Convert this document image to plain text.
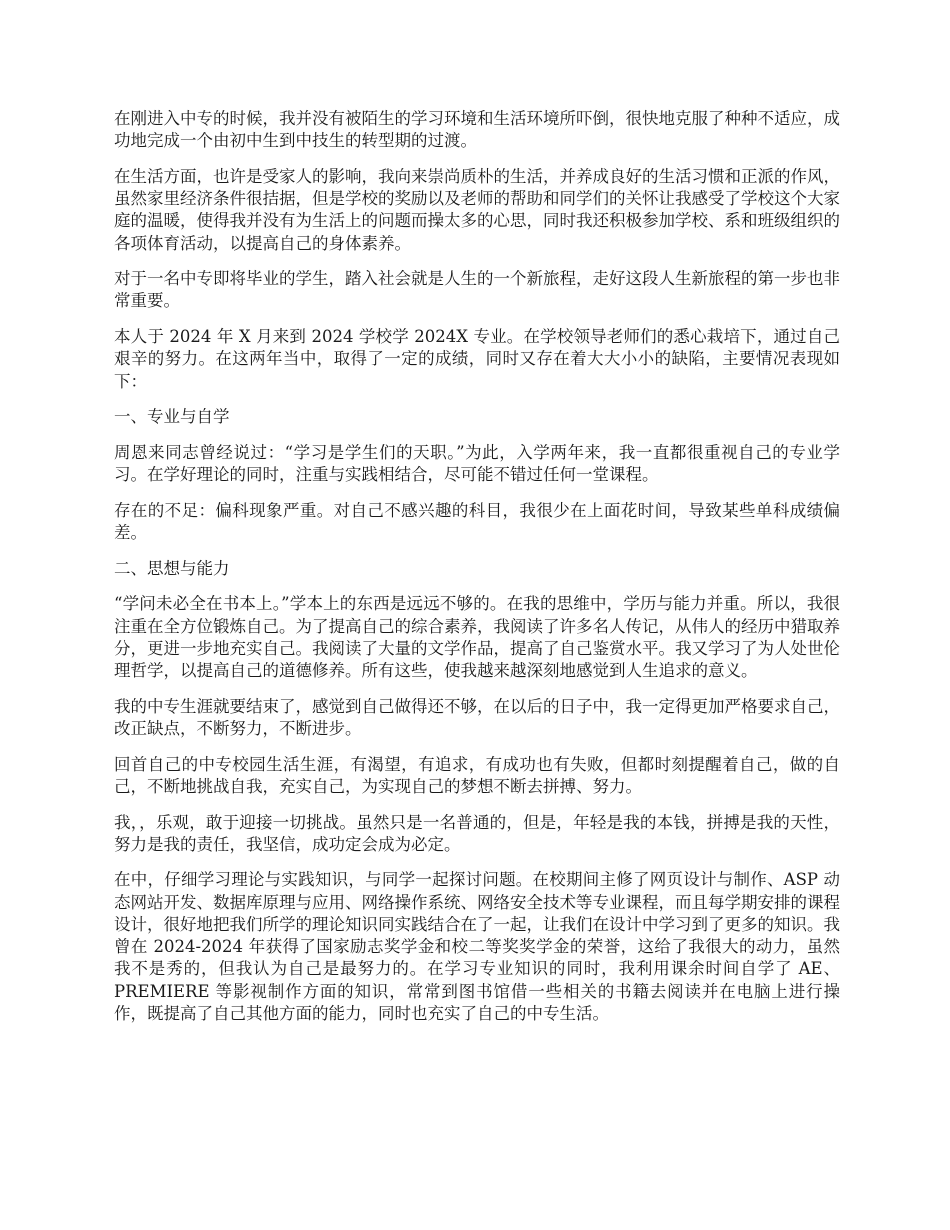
在刚进入中专的时候，我并没有被陌生的学习环境和生活环境所吓倒，很快地克服了种种不适应，成功地完成一个由初中生到中技生的转型期的过渡。

在生活方面，也许是受家人的影响，我向来崇尚质朴的生活，并养成良好的生活习惯和正派的作风，虽然家里经济条件很拮据，但是学校的奖励以及老师的帮助和同学们的关怀让我感受了学校这个大家庭的温暖，使得我并没有为生活上的问题而操太多的心思，同时我还积极参加学校、系和班级组织的各项体育活动，以提高自己的身体素养。

对于一名中专即将毕业的学生，踏入社会就是人生的一个新旅程，走好这段人生新旅程的第一步也非常重要。

本人于 2024 年 X 月来到 2024 学校学 2024X 专业。在学校领导老师们的悉心栽培下，通过自己艰辛的努力。在这两年当中，取得了一定的成绩，同时又存在着大大小小的缺陷，主要情况表现如下：

一、专业与自学

周恩来同志曾经说过：“学习是学生们的天职。”为此，入学两年来，我一直都很重视自己的专业学习。在学好理论的同时，注重与实践相结合，尽可能不错过任何一堂课程。

存在的不足：偏科现象严重。对自己不感兴趣的科目，我很少在上面花时间，导致某些单科成绩偏差。

二、思想与能力

“学问未必全在书本上。”学本上的东西是远远不够的。在我的思维中，学历与能力并重。所以，我很注重在全方位锻炼自己。为了提高自己的综合素养，我阅读了许多名人传记，从伟人的经历中猎取养分，更进一步地充实自己。我阅读了大量的文学作品，提高了自己鉴赏水平。我又学习了为人处世伦理哲学，以提高自己的道德修养。所有这些，使我越来越深刻地感觉到人生追求的意义。

我的中专生涯就要结束了，感觉到自己做得还不够，在以后的日子中，我一定得更加严格要求自己，改正缺点，不断努力，不断进步。

回首自己的中专校园生活生涯，有渴望，有追求，有成功也有失败，但都时刻提醒着自己，做的自己，不断地挑战自我，充实自己，为实现自己的梦想不断去拼搏、努力。

我，，乐观，敢于迎接一切挑战。虽然只是一名普通的，但是，年轻是我的本钱，拼搏是我的天性，努力是我的责任，我坚信，成功定会成为必定。

在中，仔细学习理论与实践知识，与同学一起探讨问题。在校期间主修了网页设计与制作、ASP 动态网站开发、数据库原理与应用、网络操作系统、网络安全技术等专业课程，而且每学期安排的课程设计，很好地把我们所学的理论知识同实践结合在了一起，让我们在设计中学习到了更多的知识。我曾在 2024-2024 年获得了国家励志奖学金和校二等奖奖学金的荣誉，这给了我很大的动力，虽然我不是秀的，但我认为自己是最努力的。在学习专业知识的同时，我利用课余时间自学了 AE、PREMIERE 等影视制作方面的知识，常常到图书馆借一些相关的书籍去阅读并在电脑上进行操作，既提高了自己其他方面的能力，同时也充实了自己的中专生活。
